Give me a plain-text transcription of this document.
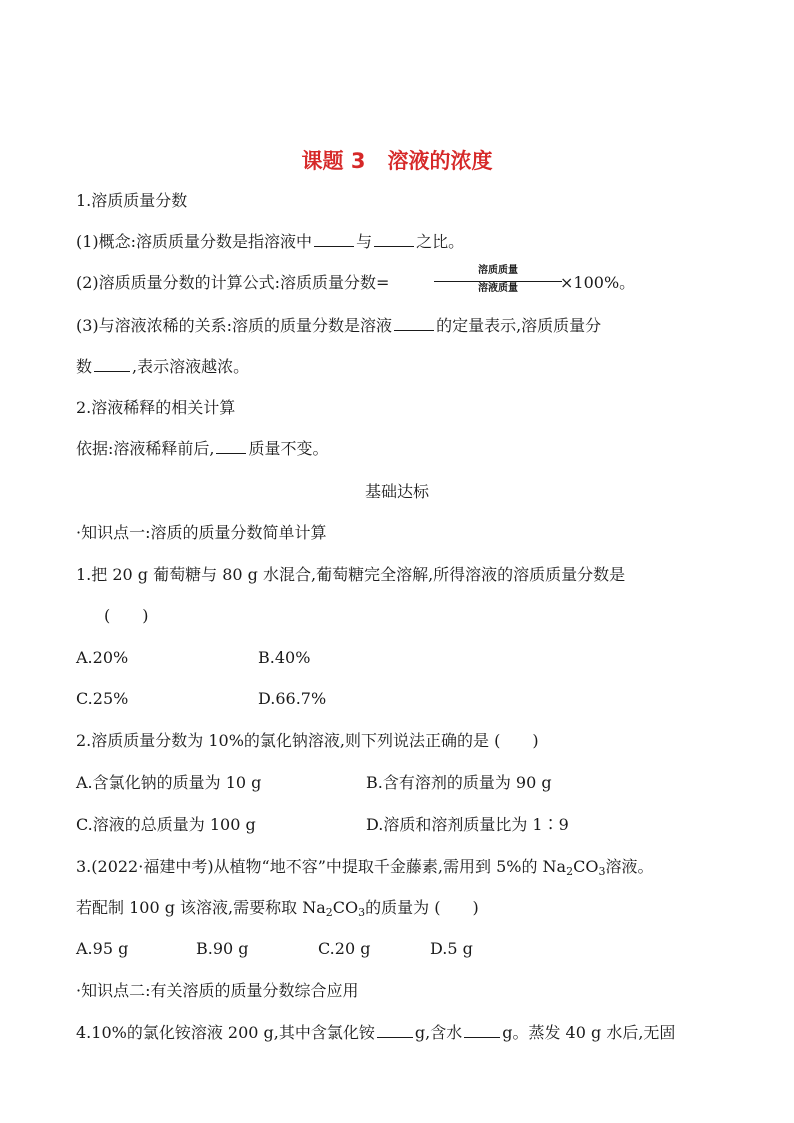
课题 3 溶液的浓度
1.溶质质量分数
(1)概念:溶质质量分数是指溶液中	与	之比。
(2)溶质质量分数的计算公式:溶质质量分数=
溶质质量
溶液质量	×100%。
(3)与溶液浓稀的关系:溶质的质量分数是溶液	的定量表示,溶质质量分
数	,表示溶液越浓。
2.溶液稀释的相关计算
依据:溶液稀释前后, 质量不变。
基础达标
·知识点一:溶质的质量分数简单计算
1.把 20 g 葡萄糖与 80 g 水混合,葡萄糖完全溶解,所得溶液的溶质质量分数是
(　　)
A.20%	B.40%
C.25%	D.66.7%
2.溶质质量分数为 10%的氯化钠溶液,则下列说法正确的是 (　　)
A.含氯化钠的质量为 10 g	B.含有溶剂的质量为 90 g
C.溶液的总质量为 100 g	D.溶质和溶剂质量比为 1∶9
3.(2022·福建中考)从植物“地不容”中提取千金藤素,需用到 5%的 $Na_2CO_3$溶液。
若配制 100 g 该溶液,需要称取 $Na_2CO_3$的质量为 (　　)
A.95 g	B.90 g	C.20 g	D.5 g
·知识点二:有关溶质的质量分数综合应用
4.10%的氯化铵溶液 200 g,其中含氯化铵	g,含水	g。蒸发 40 g 水后,无固
